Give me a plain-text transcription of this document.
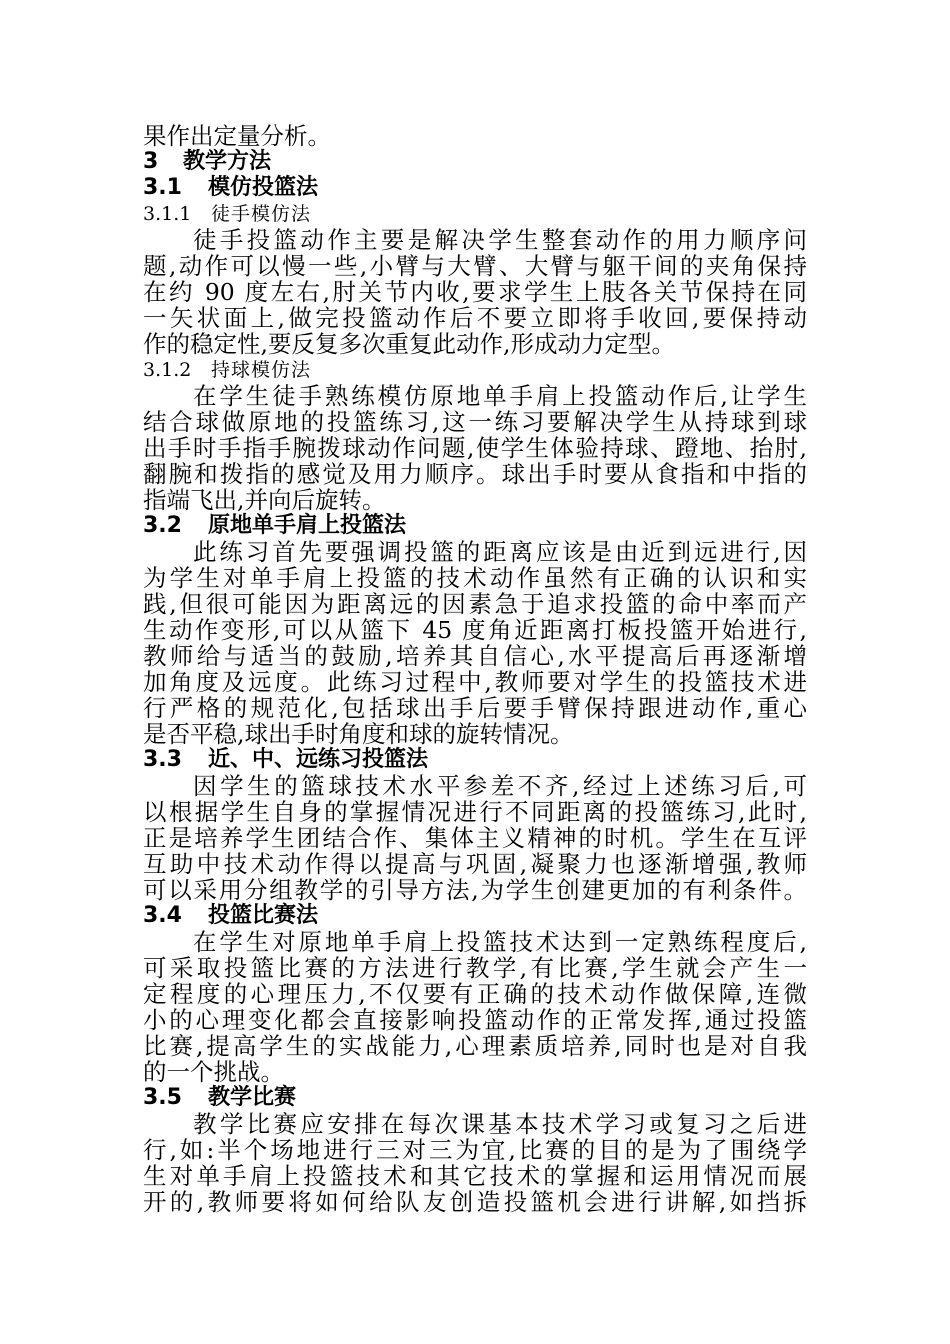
果作出定量分析。
3 教学方法
3.1 模仿投篮法
3.1.1 徒手模仿法
徒手投篮动作主要是解决学生整套动作的用力顺序问
题,动作可以慢一些,小臂与大臂、大臂与躯干间的夹角保持
在约 90 度左右,肘关节内收,要求学生上肢各关节保持在同
一矢状面上,做完投篮动作后不要立即将手收回,要保持动
作的稳定性,要反复多次重复此动作,形成动力定型。
3.1.2 持球模仿法
在学生徒手熟练模仿原地单手肩上投篮动作后,让学生
结合球做原地的投篮练习,这一练习要解决学生从持球到球
出手时手指手腕拨球动作问题,使学生体验持球、蹬地、抬肘,
翻腕和拨指的感觉及用力顺序。球出手时要从食指和中指的
指端飞出,并向后旋转。
3.2 原地单手肩上投篮法
此练习首先要强调投篮的距离应该是由近到远进行,因
为学生对单手肩上投篮的技术动作虽然有正确的认识和实
践,但很可能因为距离远的因素急于追求投篮的命中率而产
生动作变形,可以从篮下 45 度角近距离打板投篮开始进行,
教师给与适当的鼓励,培养其自信心,水平提高后再逐渐增
加角度及远度。此练习过程中,教师要对学生的投篮技术进
行严格的规范化,包括球出手后要手臂保持跟进动作,重心
是否平稳,球出手时角度和球的旋转情况。
3.3 近、中、远练习投篮法
因学生的篮球技术水平参差不齐,经过上述练习后,可
以根据学生自身的掌握情况进行不同距离的投篮练习,此时,
正是培养学生团结合作、集体主义精神的时机。学生在互评
互助中技术动作得以提高与巩固,凝聚力也逐渐增强,教师
可以采用分组教学的引导方法,为学生创建更加的有利条件。
3.4 投篮比赛法
在学生对原地单手肩上投篮技术达到一定熟练程度后,
可采取投篮比赛的方法进行教学,有比赛,学生就会产生一
定程度的心理压力,不仅要有正确的技术动作做保障,连微
小的心理变化都会直接影响投篮动作的正常发挥,通过投篮
比赛,提高学生的实战能力,心理素质培养,同时也是对自我
的一个挑战。
3.5 教学比赛
教学比赛应安排在每次课基本技术学习或复习之后进
行,如:半个场地进行三对三为宜,比赛的目的是为了围绕学
生对单手肩上投篮技术和其它技术的掌握和运用情况而展
开的,教师要将如何给队友创造投篮机会进行讲解,如挡拆
